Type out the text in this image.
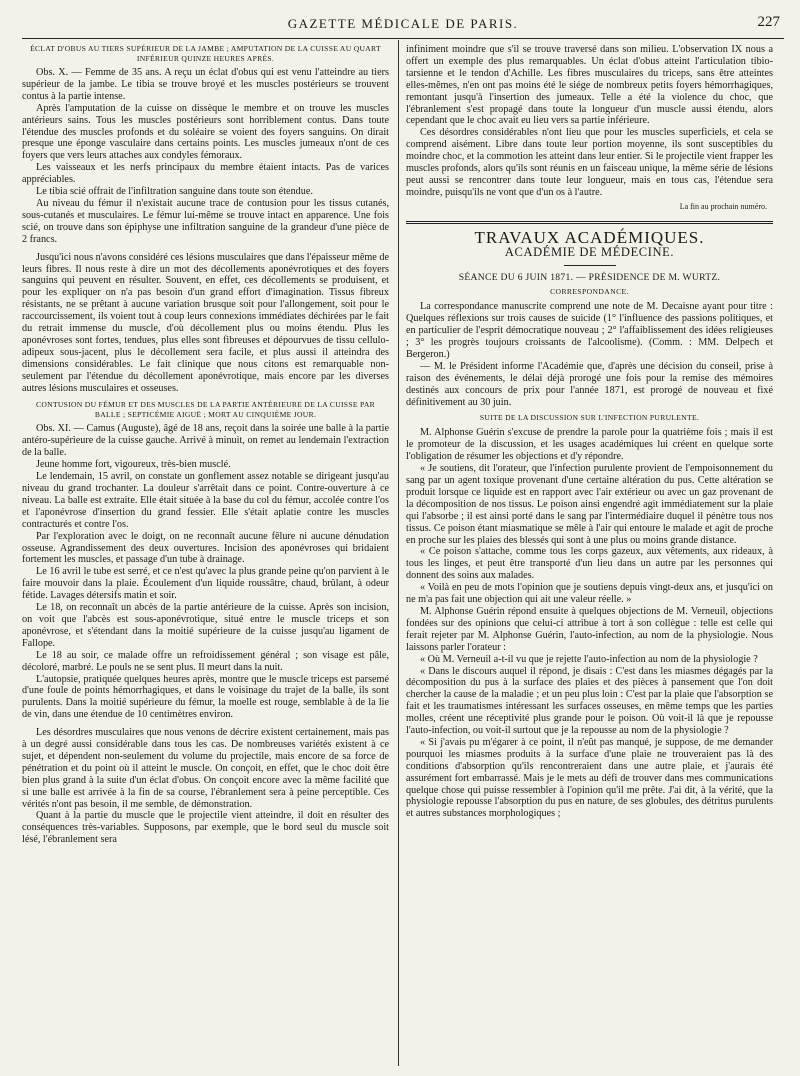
GAZETTE MÉDICALE DE PARIS.	227
ÉCLAT D'OBUS AU TIERS SUPÉRIEUR DE LA JAMBE ; AMPUTATION DE LA CUISSE AU QUART INFÉRIEUR QUINZE HEURES APRÈS.

Obs. X. — Femme de 35 ans. A reçu un éclat d'obus qui est venu l'atteindre au tiers supérieur de la jambe. Le tibia se trouve broyé et les muscles postérieurs se trouvent contus à la partie intense.

Après l'amputation de la cuisse on dissèque le membre et on trouve les muscles antérieurs sains. Tous les muscles postérieurs sont horriblement contus. Dans toute l'étendue des muscles profonds et du soléaire se voient des foyers sanguins. On dirait presque une éponge vasculaire dans certains points. Les muscles jumeaux n'ont de ces foyers que vers leurs attaches aux condyles fémoraux.

Les vaisseaux et les nerfs principaux du membre étaient intacts. Pas de varices appréciables.

Le tibia scié offrait de l'infiltration sanguine dans toute son étendue.

Au niveau du fémur il n'existait aucune trace de contusion pour les tissus cutanés, sous-cutanés et musculaires. Le fémur lui-même se trouve intact en apparence. Une fois scié, on trouve dans son épiphyse une infiltration sanguine de la grandeur d'une pièce de 2 francs.

Jusqu'ici nous n'avons considéré ces lésions musculaires que dans l'épaisseur même de leurs fibres. Il nous reste à dire un mot des décollements aponévrotiques et des foyers sanguins qui peuvent en résulter. Souvent, en effet, ces décollements se produisent, et pour les expliquer on n'a pas besoin d'un grand effort d'imagination. Tissus fibreux résistants, ne se prêtant à aucune variation brusque soit pour l'allongement, soit pour le raccourcissement, ils voient tout à coup leurs connexions immédiates déchirées par le fait du retrait immense du muscle, d'où décollement plus ou moins étendu. Plus les aponévroses sont fortes, tendues, plus elles sont fibreuses et dépourvues de tissu cellulo-adipeux sous-jacent, plus le décollement sera facile, et plus aussi il atteindra des dimensions considérables. Le fait clinique que nous citons est remarquable non-seulement par l'étendue du décollement aponévrotique, mais encore par les diverses autres lésions musculaires et osseuses.

CONTUSION DU FÉMUR ET DES MUSCLES DE LA PARTIE ANTÉRIEURE DE LA CUISSE PAR BALLE ; SEPTICÉMIE AIGUË ; MORT AU CINQUIÈME JOUR.

Obs. XI. — Camus (Auguste), âgé de 18 ans, reçoit dans la soirée une balle à la partie antéro-supérieure de la cuisse gauche. Arrivé à minuit, on remet au lendemain l'extraction de la balle.

Jeune homme fort, vigoureux, très-bien musclé.

Le lendemain, 15 avril, on constate un gonflement assez notable se dirigeant jusqu'au niveau du grand trochanter. La douleur s'arrêtait dans ce point. Contre-ouverture à ce niveau. La balle est extraite. Elle était située à la base du col du fémur, accolée contre l'os et l'aponévrose d'insertion du grand fessier. Elle s'était aplatie contre les muscles contracturés et contre l'os.

Par l'exploration avec le doigt, on ne reconnaît aucune fêlure ni aucune dénudation osseuse. Agrandissement des deux ouvertures. Incision des aponévroses qui bridaient fortement les muscles, et passage d'un tube à drainage.

Le 16 avril le tube est serré, et ce n'est qu'avec la plus grande peine qu'on parvient à le faire mouvoir dans la plaie. Écoulement d'un liquide roussâtre, chaud, brûlant, à odeur fétide. Lavages détersifs matin et soir.

Le 18, on reconnaît un abcès de la partie antérieure de la cuisse. Après son incision, on voit que l'abcès est sous-aponévrotique, situé entre le muscle triceps et son aponévrose, et s'étendant dans la moitié supérieure de la cuisse jusqu'au ligament de Fallope.

Le 18 au soir, ce malade offre un refroidissement général ; son visage est pâle, décoloré, marbré. Le pouls ne se sent plus. Il meurt dans la nuit.

L'autopsie, pratiquée quelques heures après, montre que le muscle triceps est parsemé d'une foule de points hémorrhagiques, et dans le voisinage du trajet de la balle, ils sont purulents. Dans la moitié supérieure du fémur, la moelle est rouge, semblable à de la lie de vin, dans une étendue de 10 centimètres environ.

Les désordres musculaires que nous venons de décrire existent certainement, mais pas à un degré aussi considérable dans tous les cas. De nombreuses variétés existent à ce sujet, et dépendent non-seulement du volume du projectile, mais encore de sa force de pénétration et du point où il atteint le muscle. On conçoit, en effet, que le choc doit être bien plus grand à la suite d'un éclat d'obus. On conçoit encore avec la même facilité que si une balle est arrivée à la fin de sa course, l'ébranlement sera à peine perceptible. Ces vérités n'ont pas besoin, il me semble, de démonstration.

Quant à la partie du muscle que le projectile vient atteindre, il doit en résulter des conséquences très-variables. Supposons, par exemple, que le bord seul du muscle soit lésé, l'ébranlement sera

infiniment moindre que s'il se trouve traversé dans son milieu. L'observation IX nous a offert un exemple des plus remarquables. Un éclat d'obus atteint l'articulation tibio-tarsienne et le tendon d'Achille. Les fibres musculaires du triceps, sans être atteintes elles-mêmes, n'en ont pas moins été le siége de nombreux petits foyers hémorrhagiques, remontant jusqu'à l'insertion des jumeaux. Telle a été la violence du choc, que l'ébranlement s'est propagé dans toute la longueur d'un muscle aussi étendu, alors cependant que le choc avait eu lieu vers sa partie inférieure.

Ces désordres considérables n'ont lieu que pour les muscles superficiels, et cela se comprend aisément. Libre dans toute leur portion moyenne, ils sont susceptibles du moindre choc, et la commotion les atteint dans leur entier. Si le projectile vient frapper les muscles profonds, alors qu'ils sont réunis en un faisceau unique, la même série de lésions peut aussi se rencontrer dans toute leur longueur, mais en tous cas, l'étendue sera moindre, puisqu'ils ne vont que d'un os à l'autre.

La fin au prochain numéro.
TRAVAUX ACADÉMIQUES.
ACADÉMIE DE MÉDECINE.
SÉANCE DU 6 JUIN 1871. — PRÉSIDENCE DE M. WURTZ.
CORRESPONDANCE.

La correspondance manuscrite comprend une note de M. Decaisne ayant pour titre : Quelques réflexions sur trois causes de suicide (1° l'influence des passions politiques, et en particulier de l'esprit démocratique nouveau ; 2° l'affaiblissement des idées religieuses ; 3° les progrès toujours croissants de l'alcoolisme). (Comm. : MM. Delpech et Bergeron.)

— M. le Président informe l'Académie que, d'après une décision du conseil, prise à raison des événements, le délai déjà prorogé une fois pour la remise des mémoires destinés aux concours de prix pour l'année 1871, est prorogé de nouveau et fixé définitivement au 30 juin.

SUITE DE LA DISCUSSION SUR L'INFECTION PURULENTE.

M. Alphonse Guérin s'excuse de prendre la parole pour la quatrième fois ; mais il est le promoteur de la discussion, et les usages académiques lui créent en quelque sorte l'obligation de résumer les objections et d'y répondre.

« Je soutiens, dit l'orateur, que l'infection purulente provient de l'empoisonnement du sang par un agent toxique provenant d'une certaine altération du pus. Cette altération se produit lorsque ce liquide est en rapport avec l'air extérieur ou avec un gaz provenant de la décomposition de nos tissus. Le poison ainsi engendré agit immédiatement sur la plaie qui l'absorbe ; il est ainsi porté dans le sang par l'intermédiaire duquel il pénètre tous nos tissus. Ce poison étant miasmatique se mêle à l'air qui entoure le malade et agit de proche en proche sur les plaies des blessés qui sont à une plus ou moins grande distance.

« Ce poison s'attache, comme tous les corps gazeux, aux vêtements, aux rideaux, à tous les linges, et peut être transporté d'un lieu dans un autre par les personnes qui donnent des soins aux malades.

« Voilà en peu de mots l'opinion que je soutiens depuis vingt-deux ans, et jusqu'ici on ne m'a pas fait une objection qui ait une valeur réelle. »

M. Alphonse Guérin répond ensuite à quelques objections de M. Verneuil, objections fondées sur des opinions que celui-ci attribue à tort à son collègue : telle est celle qui ferait rejeter par M. Alphonse Guérin, l'auto-infection, au nom de la physiologie. Nous laissons parler l'orateur :

« Où M. Verneuil a-t-il vu que je rejette l'auto-infection au nom de la physiologie ?

« Dans le discours auquel il répond, je disais : C'est dans les miasmes dégagés par la décomposition du pus à la surface des plaies et des pièces à pansement que l'on doit chercher la cause de la maladie ; et un peu plus loin : C'est par la plaie que l'absorption se fait et les traumatismes intéressant les surfaces osseuses, en même temps que les parties molles, créent une réceptivité plus grande pour le poison. Où voit-il là que je repousse l'auto-infection, ou voit-il surtout que je la repousse au nom de la physiologie ?

« Si j'avais pu m'égarer à ce point, il n'eût pas manqué, je suppose, de me demander pourquoi les miasmes produits à la surface d'une plaie ne trouveraient pas là des conditions d'absorption qu'ils rencontreraient dans une autre plaie, et j'aurais été assurément fort embarrassé. Mais je le mets au défi de trouver dans mes communications quelque chose qui puisse ressembler à l'opinion qu'il me prête. J'ai dit, à la vérité, que la physiologie repousse l'absorption du pus en nature, de ses globules, des détritus purulents et autres substances morphologiques ;
